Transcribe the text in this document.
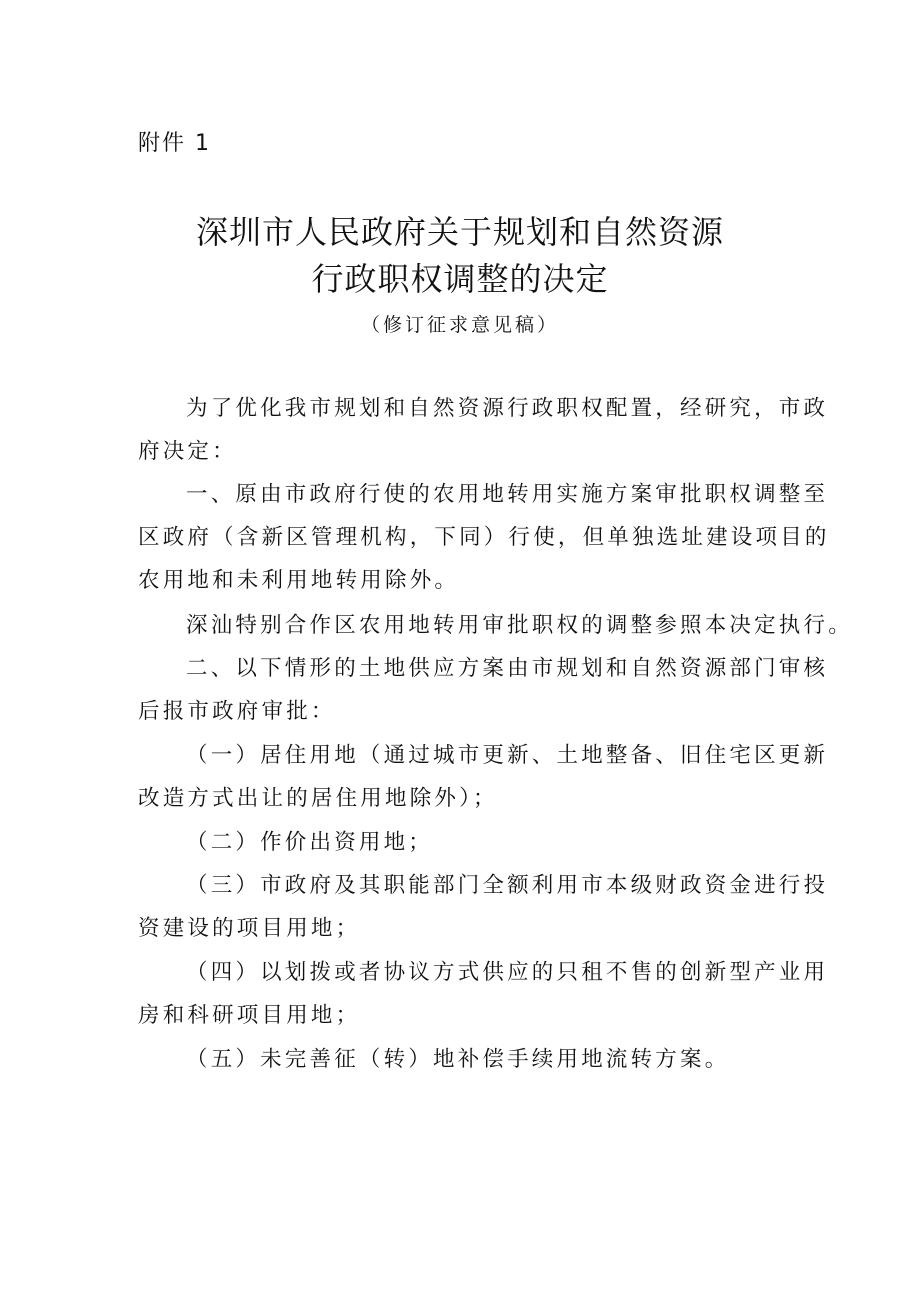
附件 1
深圳市人民政府关于规划和自然资源
行政职权调整的决定
（修订征求意见稿）
为了优化我市规划和自然资源行政职权配置，经研究，市政
府决定：
一、原由市政府行使的农用地转用实施方案审批职权调整至
区政府（含新区管理机构，下同）行使，但单独选址建设项目的
农用地和未利用地转用除外。
深汕特别合作区农用地转用审批职权的调整参照本决定执行。
二、以下情形的土地供应方案由市规划和自然资源部门审核
后报市政府审批：
（一）居住用地（通过城市更新、土地整备、旧住宅区更新
改造方式出让的居住用地除外）；
（二）作价出资用地；
（三）市政府及其职能部门全额利用市本级财政资金进行投
资建设的项目用地；
（四）以划拨或者协议方式供应的只租不售的创新型产业用
房和科研项目用地；
（五）未完善征（转）地补偿手续用地流转方案。
